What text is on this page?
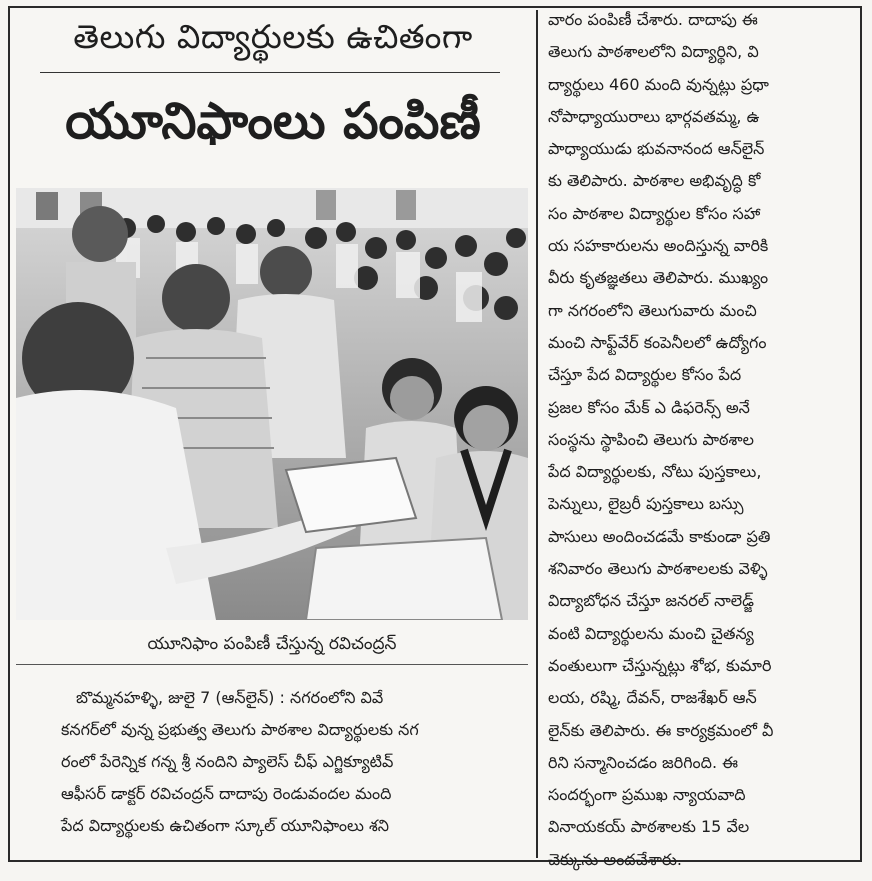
తెలుగు విద్యార్థులకు ఉచితంగా
యూనిఫాంలు పంపిణీ
యూనిఫాం పంపిణీ చేస్తున్న రవిచంద్రన్
బొమ్మనహళ్ళి, జులై 7 (ఆన్‌లైన్) : నగరంలోని వివే
కనగర్‌లో వున్న ప్రభుత్వ తెలుగు పాఠశాల విద్యార్థులకు నగ
రంలో పేరెన్నిక గన్న శ్రీ నందిని ప్యాలెస్ చీఫ్ ఎగ్జిక్యూటివ్
ఆఫీసర్ డాక్టర్ రవిచంద్రన్ దాదాపు రెండువందల మంది
పేద విద్యార్థులకు ఉచితంగా స్కూల్ యూనిఫాంలు శని
వారం పంపిణీ చేశారు. దాదాపు ఈ
తెలుగు పాఠశాలలోని విద్యార్థిని, వి
ద్యార్థులు 460 మంది వున్నట్లు ప్రధా
నోపాధ్యాయురాలు భార్గవతమ్మ, ఉ
పాధ్యాయుడు భువనానంద ఆన్‌లైన్
కు తెలిపారు. పాఠశాల అభివృద్ధి కో
సం పాఠశాల విద్యార్థుల కోసం సహా
య సహకారులను అందిస్తున్న వారికి
వీరు కృతజ్ఞతలు తెలిపారు. ముఖ్యం
గా నగరంలోని తెలుగువారు మంచి
మంచి సాఫ్ట్‌వేర్ కంపెనీలలో ఉద్యోగం
చేస్తూ పేద విద్యార్థుల కోసం పేద
ప్రజల కోసం మేక్ ఎ డిఫరెన్స్ అనే
సంస్థను స్థాపించి తెలుగు పాఠశాల
పేద విద్యార్థులకు, నోటు పుస్తకాలు,
పెన్నులు, లైబ్రరీ పుస్తకాలు బస్సు
పాసులు అందించడమే కాకుండా ప్రతి
శనివారం తెలుగు పాఠశాలలకు వెళ్ళి
విద్యాబోధన చేస్తూ జనరల్ నాలెడ్జ్
వంటి విద్యార్థులను మంచి చైతన్య
వంతులుగా చేస్తున్నట్లు శోభ, కుమారి
లయ, రష్మి, దేవన్, రాజశేఖర్ ఆన్
లైన్‌కు తెలిపారు. ఈ కార్యక్రమంలో వీ
రిని సన్మానించడం జరిగింది. ఈ
సందర్భంగా ప్రముఖ న్యాయవాది
వినాయకయ్ పాఠశాలకు 15 వేల
చెక్కును అందచేశారు.
